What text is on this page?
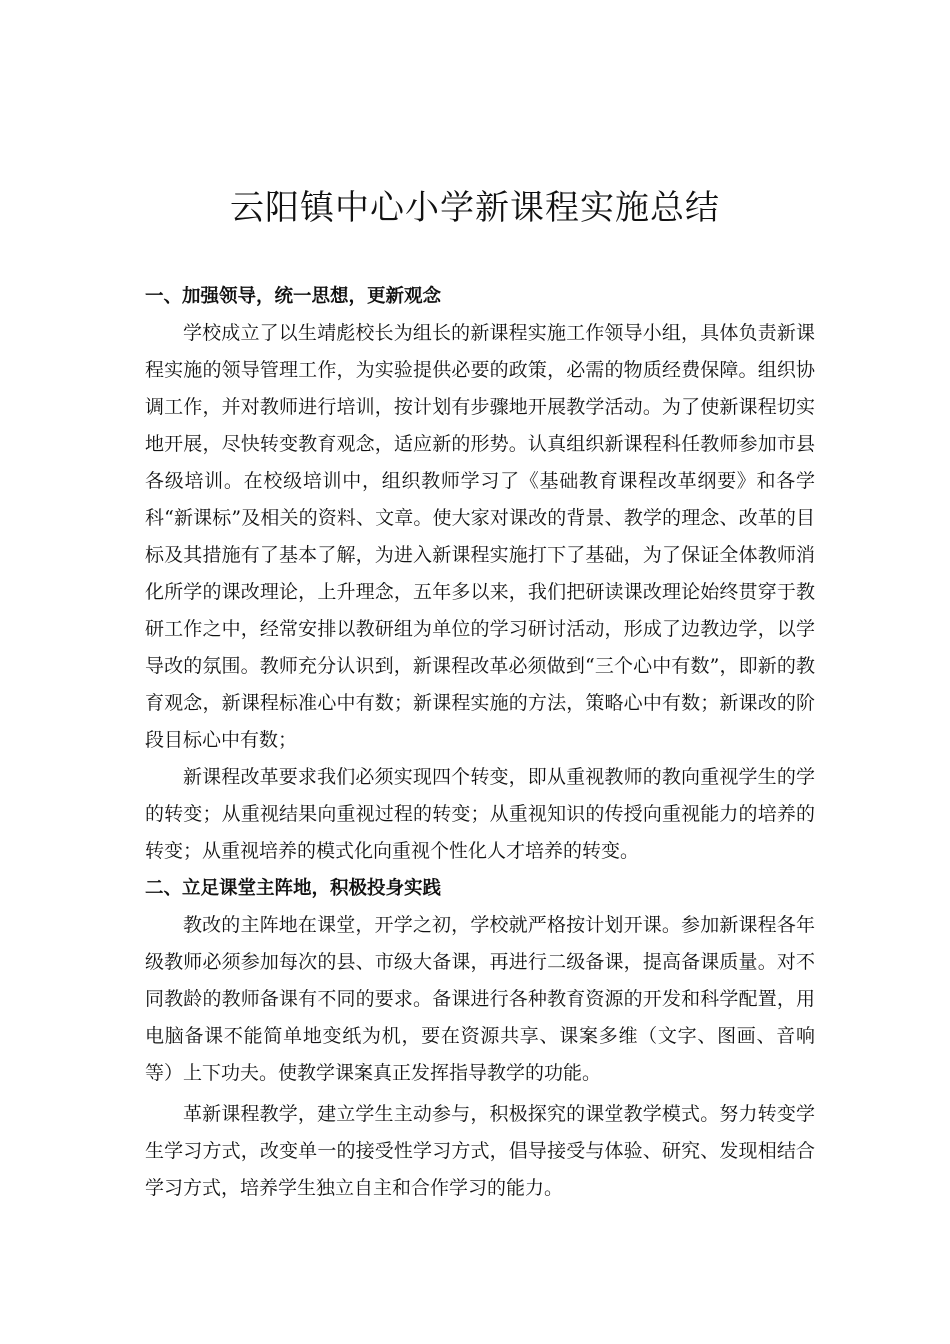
云阳镇中心小学新课程实施总结

一、加强领导，统一思想，更新观念

学校成立了以生靖彪校长为组长的新课程实施工作领导小组，具体负责新课程实施的领导管理工作，为实验提供必要的政策，必需的物质经费保障。组织协调工作，并对教师进行培训，按计划有步骤地开展教学活动。为了使新课程切实地开展，尽快转变教育观念，适应新的形势。认真组织新课程科任教师参加市县各级培训。在校级培训中，组织教师学习了《基础教育课程改革纲要》和各学科“新课标”及相关的资料、文章。使大家对课改的背景、教学的理念、改革的目标及其措施有了基本了解，为进入新课程实施打下了基础，为了保证全体教师消化所学的课改理论，上升理念，五年多以来，我们把研读课改理论始终贯穿于教研工作之中，经常安排以教研组为单位的学习研讨活动，形成了边教边学，以学导改的氛围。教师充分认识到，新课程改革必须做到“三个心中有数”，即新的教育观念，新课程标准心中有数；新课程实施的方法，策略心中有数；新课改的阶段目标心中有数；

新课程改革要求我们必须实现四个转变，即从重视教师的教向重视学生的学的转变；从重视结果向重视过程的转变；从重视知识的传授向重视能力的培养的转变；从重视培养的模式化向重视个性化人才培养的转变。

二、立足课堂主阵地，积极投身实践

教改的主阵地在课堂，开学之初，学校就严格按计划开课。参加新课程各年级教师必须参加每次的县、市级大备课，再进行二级备课，提高备课质量。对不同教龄的教师备课有不同的要求。备课进行各种教育资源的开发和科学配置，用电脑备课不能简单地变纸为机，要在资源共享、课案多维（文字、图画、音响等）上下功夫。使教学课案真正发挥指导教学的功能。

革新课程教学，建立学生主动参与，积极探究的课堂教学模式。努力转变学生学习方式，改变单一的接受性学习方式，倡导接受与体验、研究、发现相结合学习方式，培养学生独立自主和合作学习的能力。
